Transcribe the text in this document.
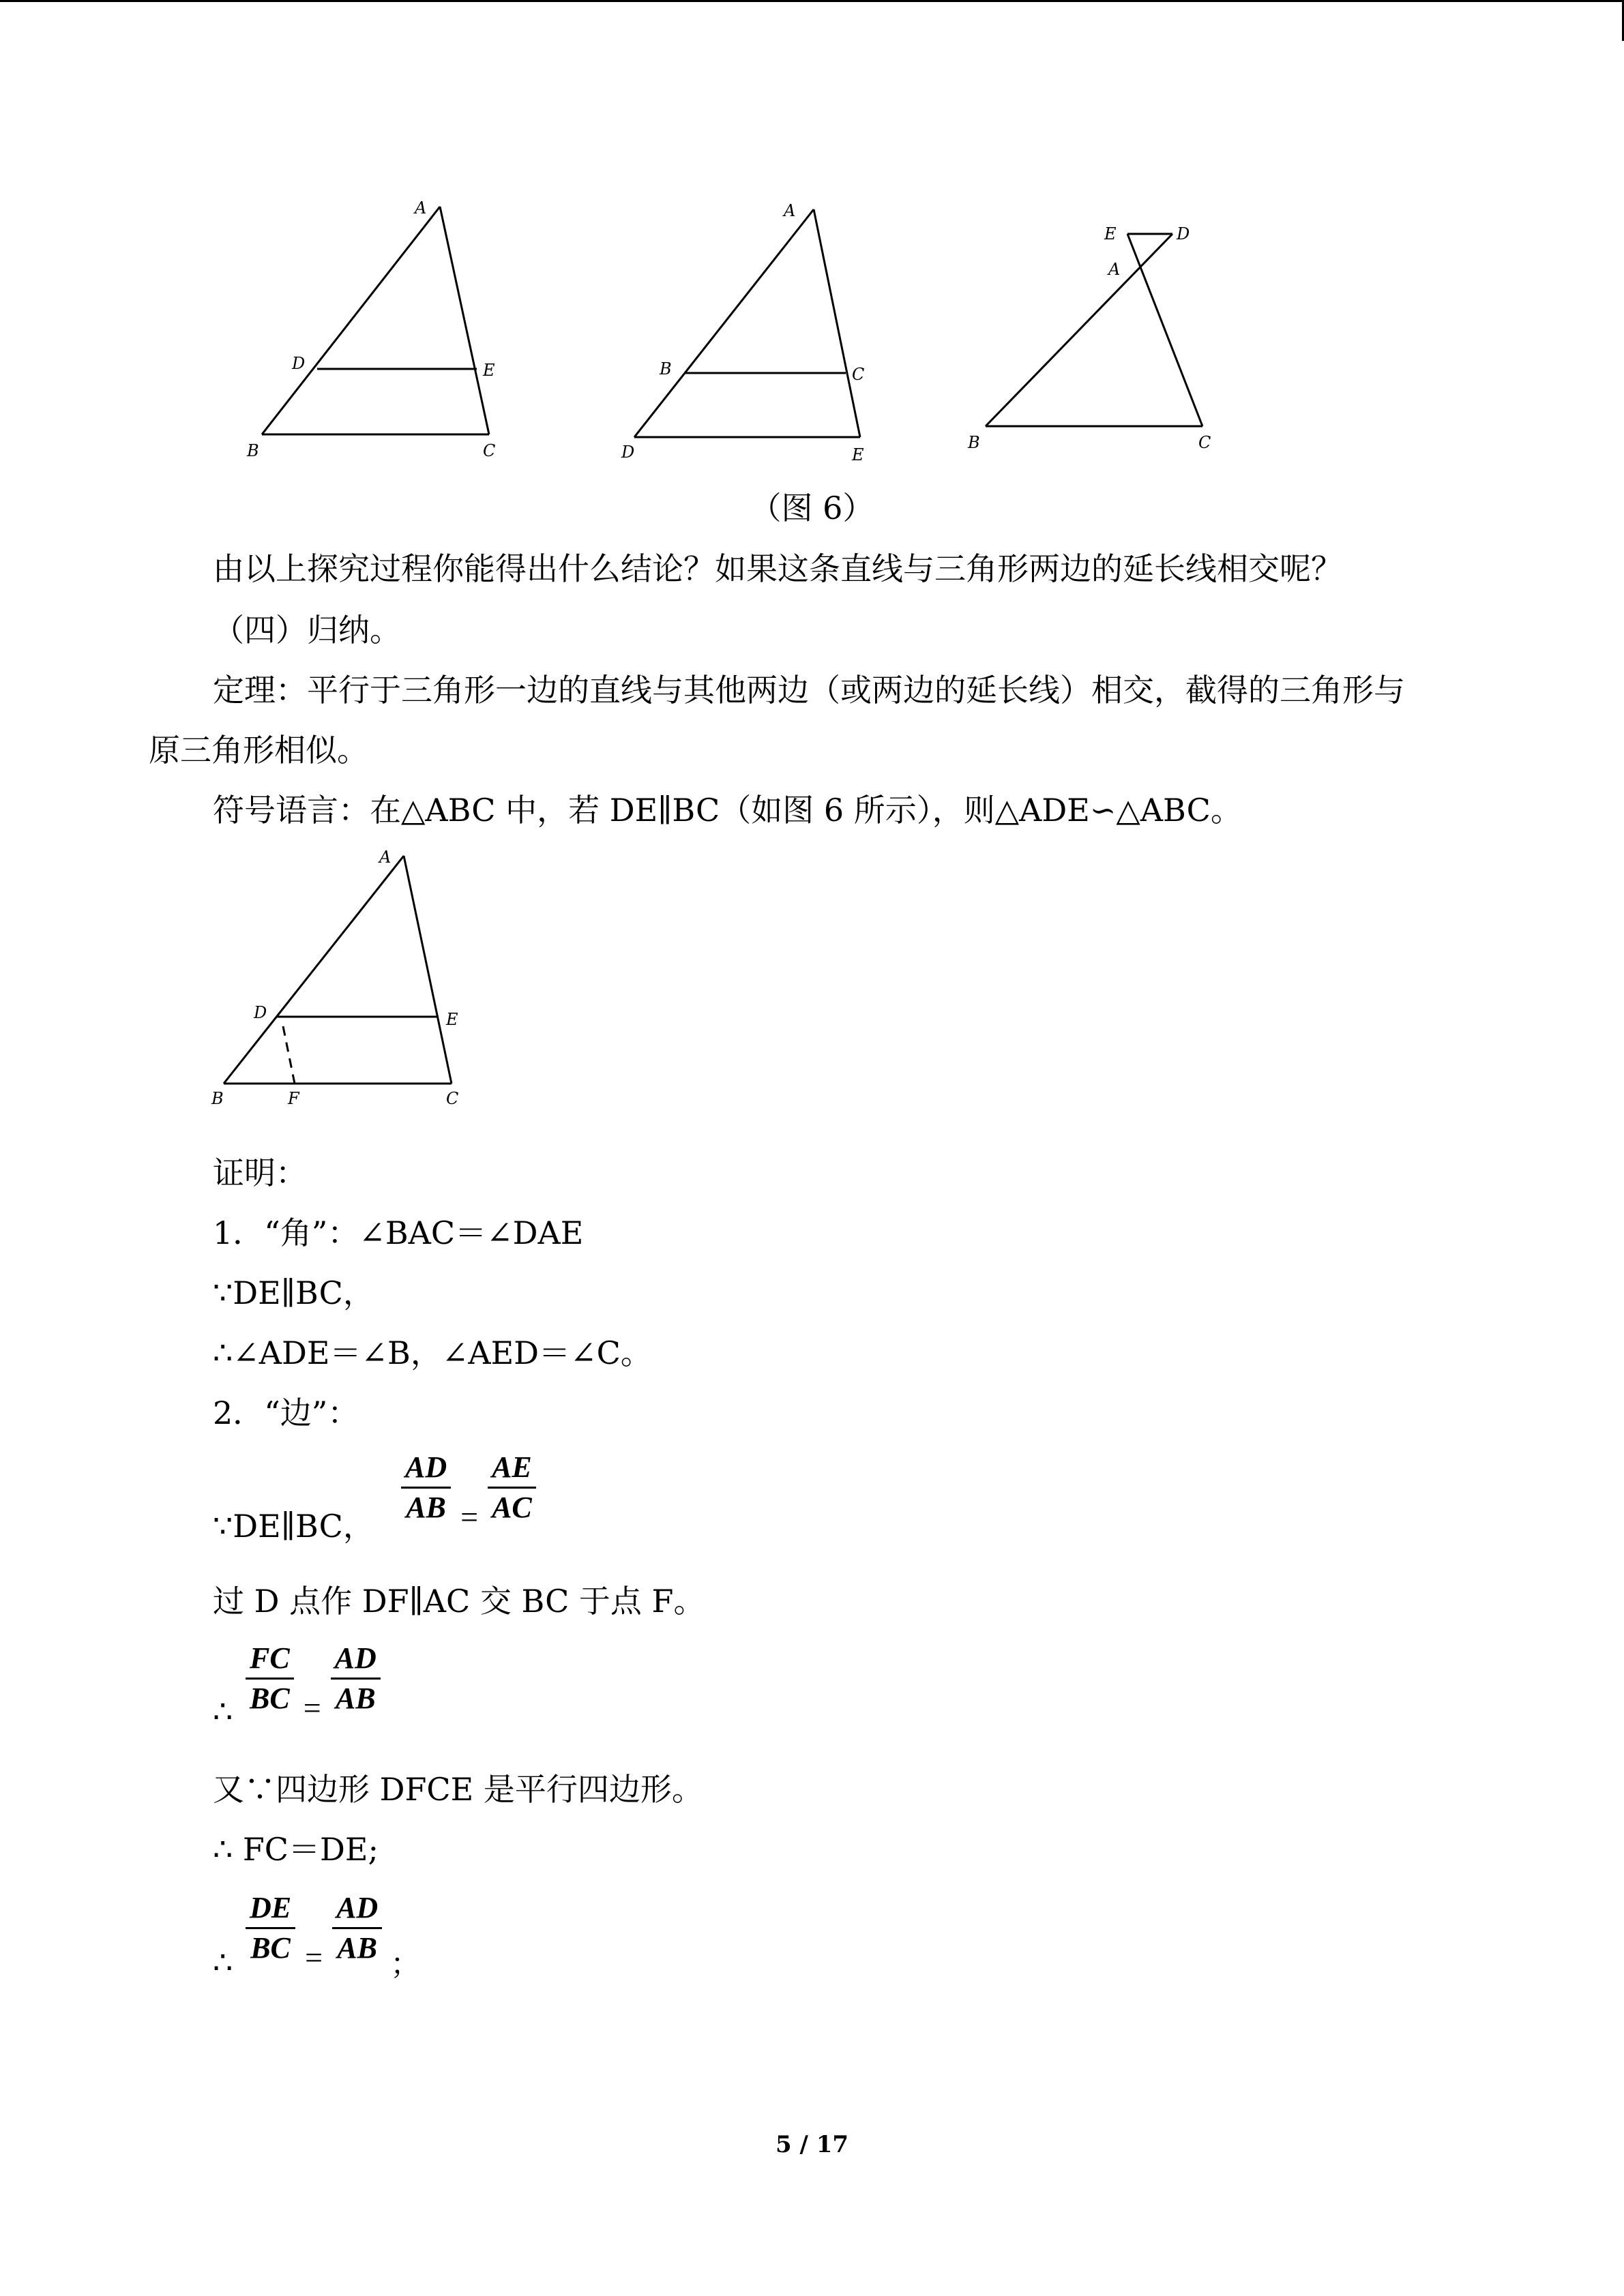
A
D	E
B	C
A
B	C
D	E
E	D
A
B	C
（图 6）
由以上探究过程你能得出什么结论？如果这条直线与三角形两边的延长线相交呢？
（四）归纳。
定理：平行于三角形一边的直线与其他两边（或两边的延长线）相交，截得的三角形与
原三角形相似。
符号语言：在△ABC 中，若 DE∥BC（如图 6 所示），则△ADE∽△ABC。
A
D	E
B	F	C
证明：
1．“角”：∠BAC＝∠DAE
∵DE∥BC，
∴∠ADE＝∠B，∠AED＝∠C。
2．“边”：
∵DE∥BC， $\frac{AD}{AB} = \frac{AE}{AC}$
过 D 点作 DF∥AC 交 BC 于点 F。
∴ $\frac{FC}{BC} = \frac{AD}{AB}$
又∵四边形 DFCE 是平行四边形。
∴ FC＝DE;
∴ $\frac{DE}{BC} = \frac{AD}{AB}$ ；
5 / 17
